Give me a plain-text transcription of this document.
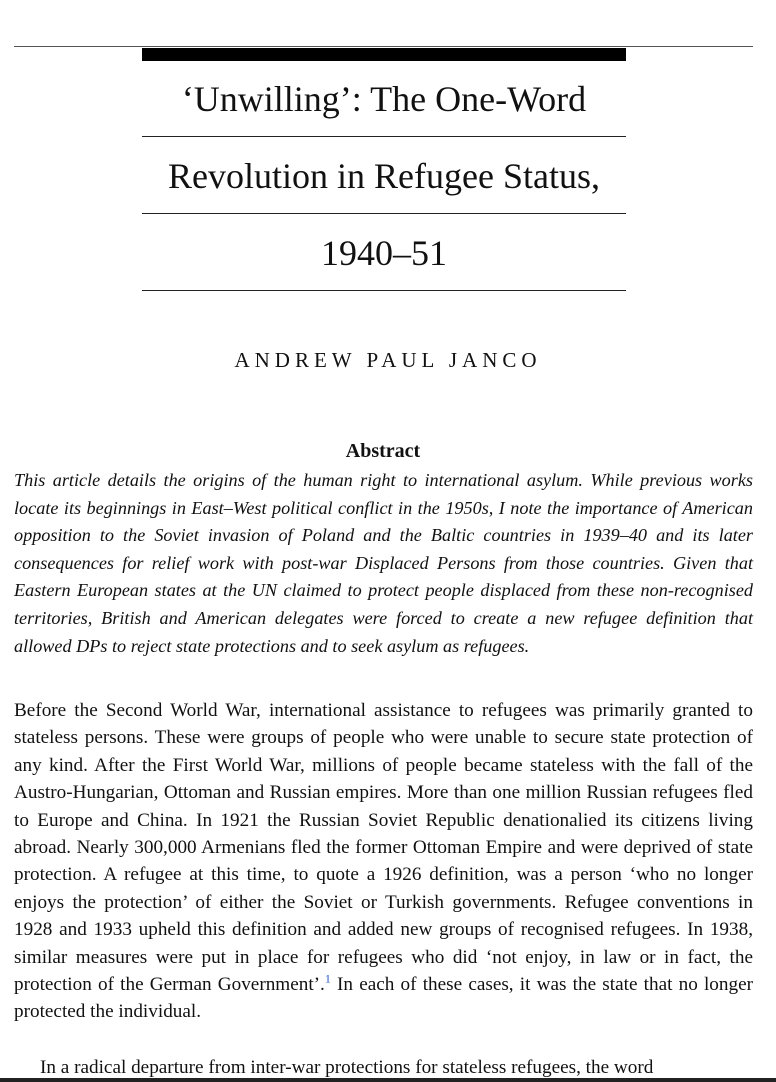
‘Unwilling’: The One-Word
Revolution in Refugee Status,
1940–51
ANDREW PAUL JANCO
Abstract

This article details the origins of the human right to international asylum. While previous works locate its beginnings in East–West political conflict in the 1950s, I note the importance of American opposition to the Soviet invasion of Poland and the Baltic countries in 1939–40 and its later consequences for relief work with post-war Displaced Persons from those countries. Given that Eastern European states at the UN claimed to protect people displaced from these non-recognised territories, British and American delegates were forced to create a new refugee definition that allowed DPs to reject state protections and to seek asylum as refugees.

Before the Second World War, international assistance to refugees was primarily granted to stateless persons. These were groups of people who were unable to secure state protection of any kind. After the First World War, millions of people became stateless with the fall of the Austro-Hungarian, Ottoman and Russian empires. More than one million Russian refugees fled to Europe and China. In 1921 the Russian Soviet Republic denationalied its citizens living abroad. Nearly 300,000 Armenians fled the former Ottoman Empire and were deprived of state protection. A refugee at this time, to quote a 1926 definition, was a person ‘who no longer enjoys the protection’ of either the Soviet or Turkish governments. Refugee conventions in 1928 and 1933 upheld this definition and added new groups of recognised refugees. In 1938, similar measures were put in place for refugees who did ‘not enjoy, in law or in fact, the protection of the German Government’.$^1$ In each of these cases, it was the state that no longer protected the individual.

In a radical departure from inter-war protections for stateless refugees, the word
